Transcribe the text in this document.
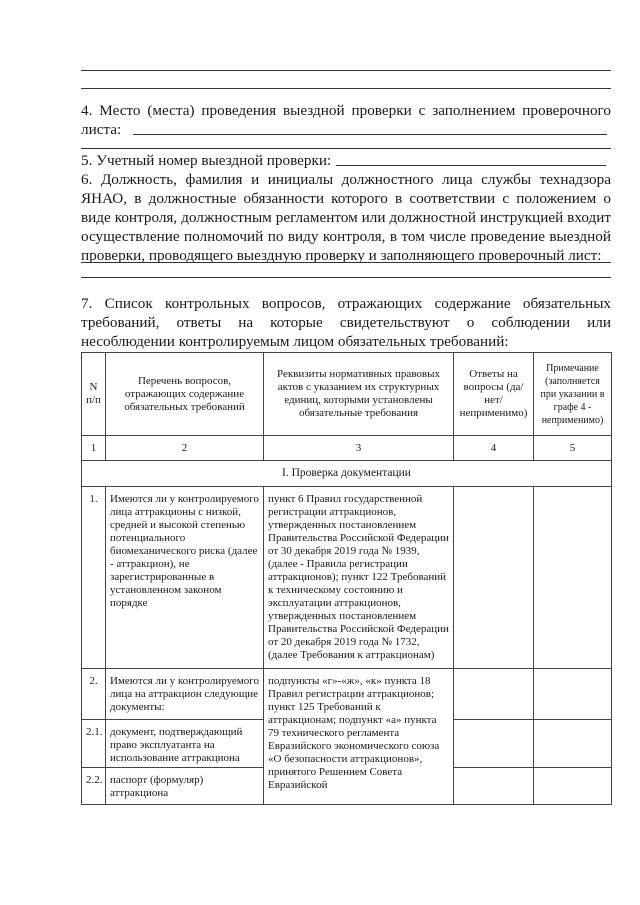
4. Место (места) проведения выездной проверки с заполнением проверочного листа:

5. Учетный номер выездной проверки:

6. Должность, фамилия и инициалы должностного лица службы технадзора ЯНАО, в должностные обязанности которого в соответствии с положением о виде контроля, должностным регламентом или должностной инструкцией входит осуществление полномочий по виду контроля, в том числе проведение выездной проверки, проводящего выездную проверку и заполняющего проверочный лист:

7. Список контрольных вопросов, отражающих содержание обязательных требований, ответы на которые свидетельствуют о соблюдении или несоблюдении контролируемым лицом обязательных требований:

N п/п	Перечень вопросов, отражающих содержание обязательных требований	Реквизиты нормативных правовых актов с указанием их структурных единиц, которыми установлены обязательные требования	Ответы на вопросы (да/нет/ неприменимо)	Примечание (заполняется при указании в графе 4 - неприменимо)
1	2	3	4	5
I. Проверка документации				
1.	Имеются ли у контролируемого лица аттракционы с низкой, средней и высокой степенью потенциального биомеханического риска (далее - аттракцион), не зарегистрированные в установленном законом порядке	пункт 6 Правил государственной регистрации аттракционов, утвержденных постановлением Правительства Российской Федерации от 30 декабря 2019 года № 1939, (далее - Правила регистрации аттракционов); пункт 122 Требований к техническому состоянию и эксплуатации аттракционов, утвержденных постановлением Правительства Российской Федерации от 20 декабря 2019 года № 1732, (далее Требования к аттракционам)		
2.	Имеются ли у контролируемого лица на аттракцион следующие документы:	подпункты «г»-«ж», «к» пункта 18 Правил регистрации аттракционов; пункт 125 Требований к аттракционам; подпункт «а» пункта 79 технического регламента Евразийского экономического союза «О безопасности аттракционов», принятого Решением Совета Евразийской		
2.1.	документ, подтверждающий право эксплуатанта на использование аттракциона			
2.2.	паспорт (формуляр) аттракциона			
